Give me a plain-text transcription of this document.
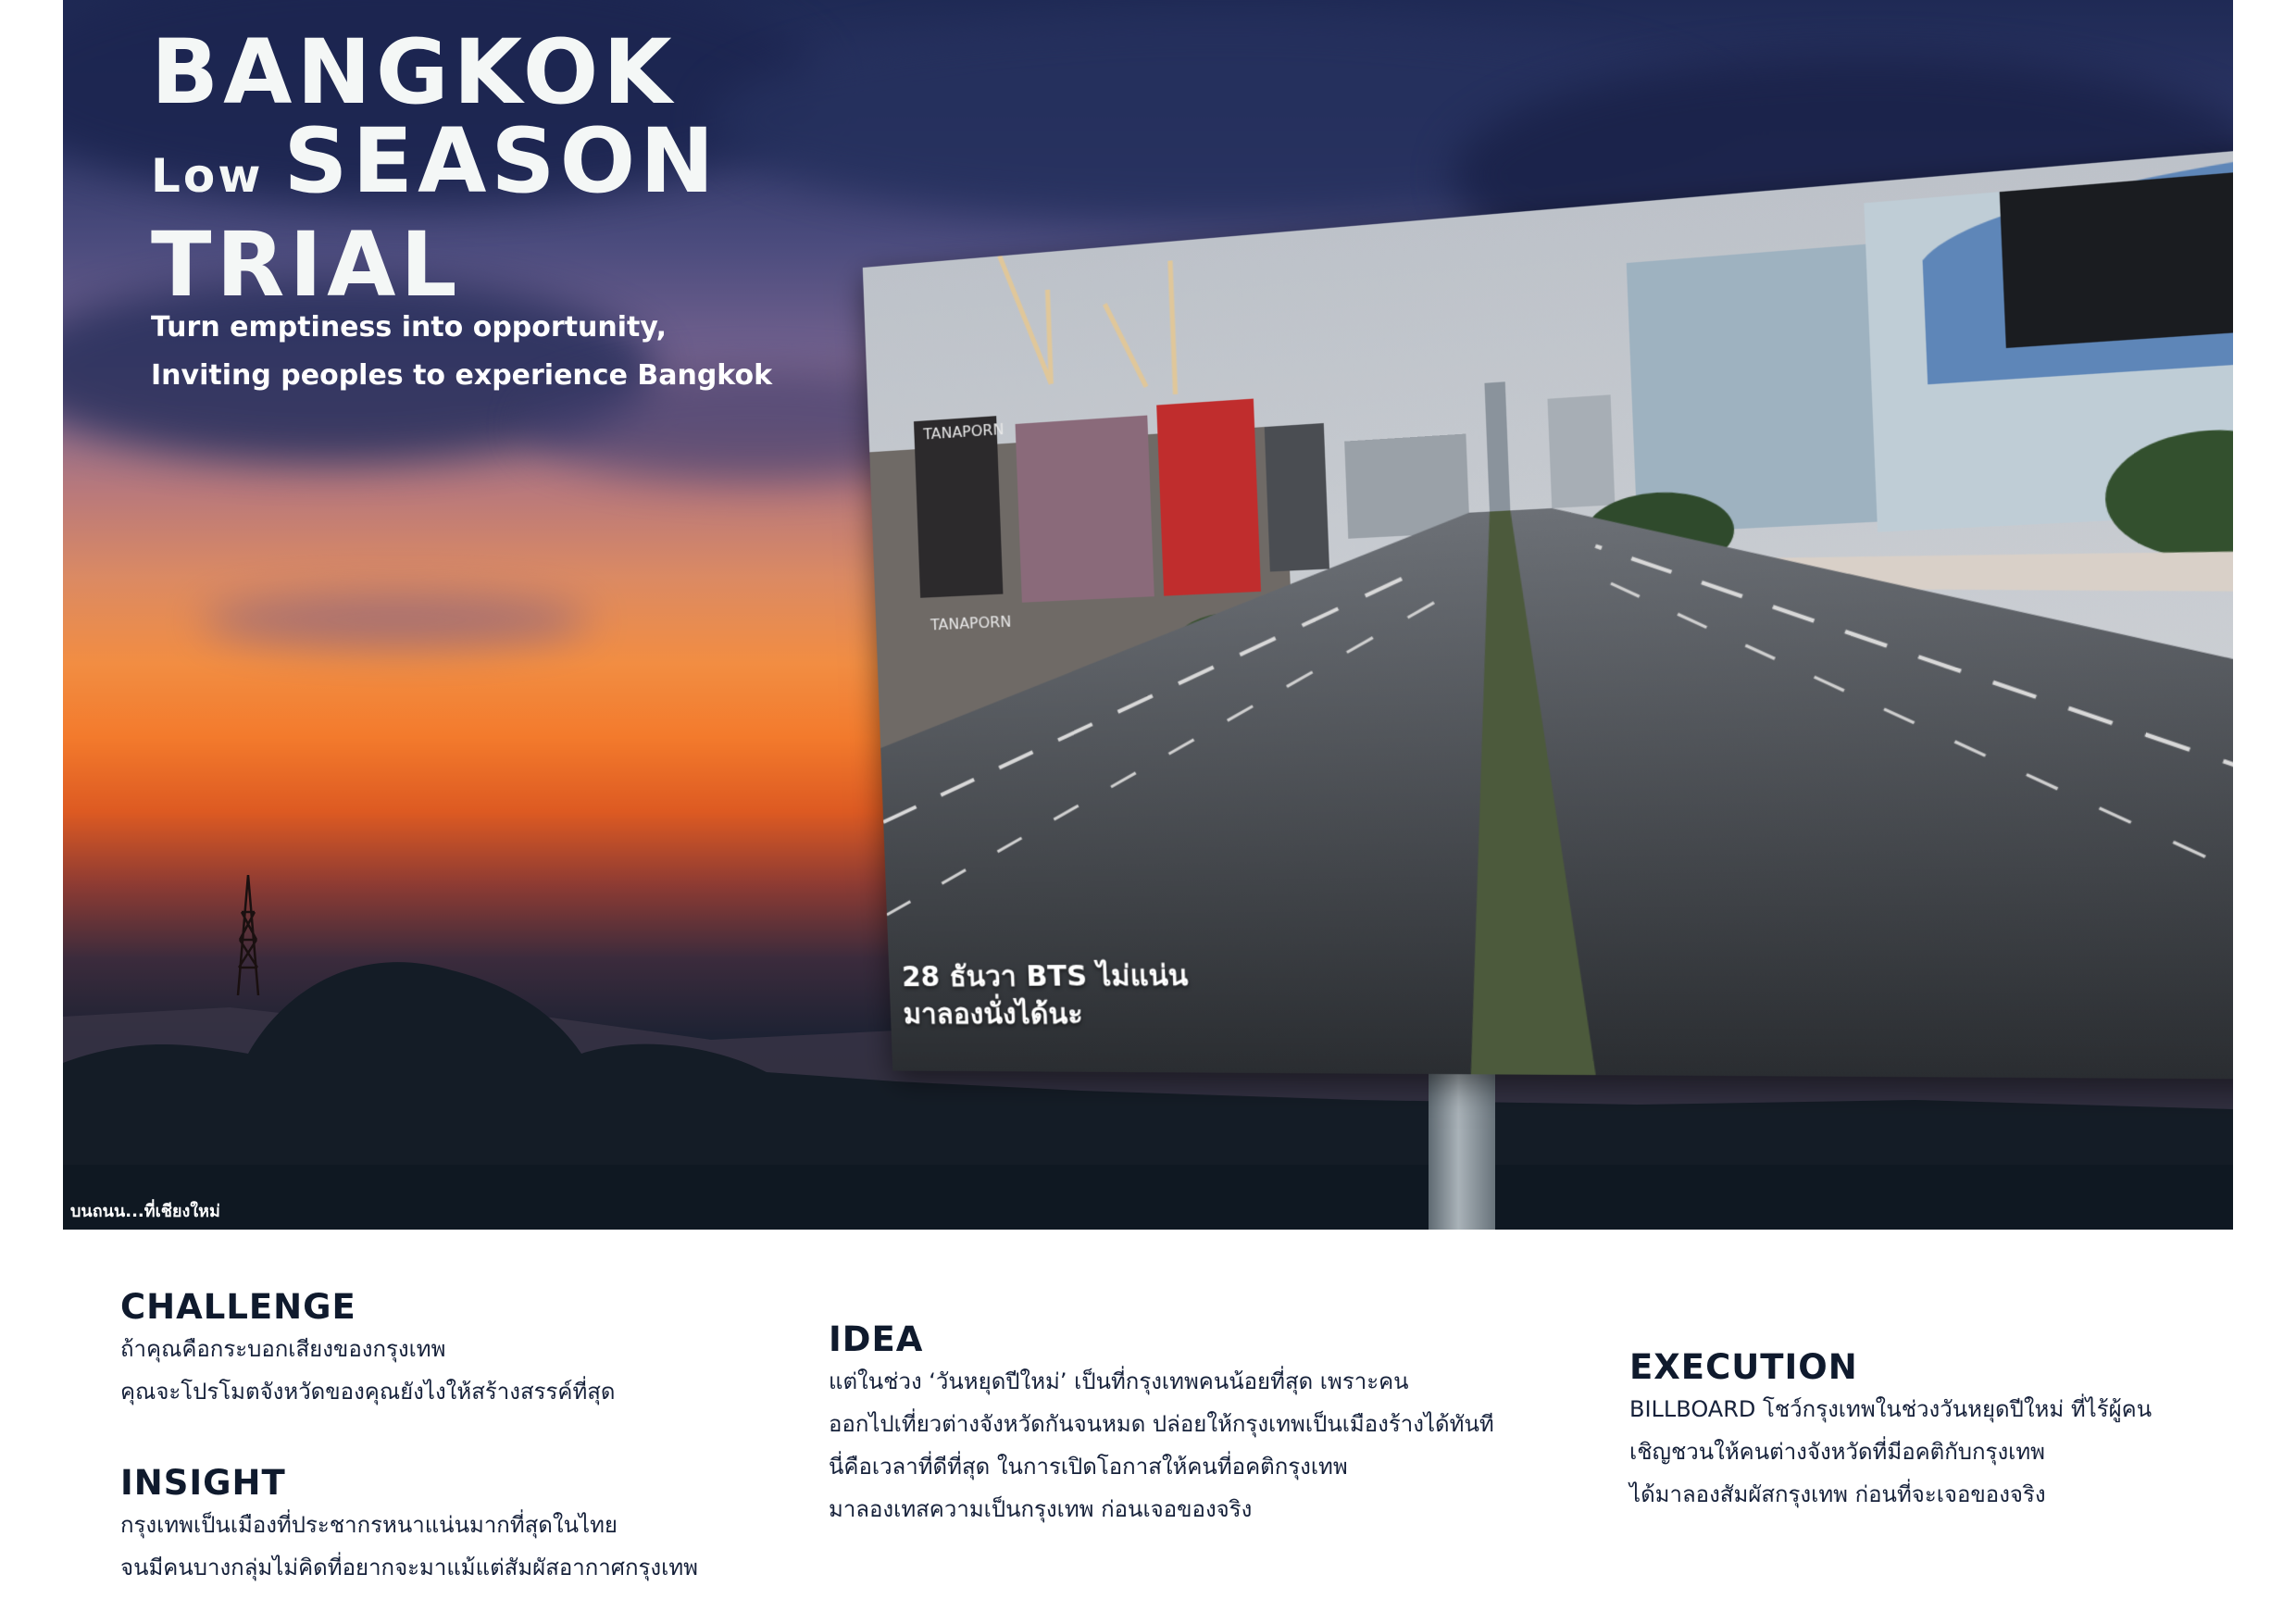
BANGKOK
Low SEASON
TRIAL
Turn emptiness into opportunity,
Inviting peoples to experience Bangkok
TANAPORN
TANAPORN
28 ธันวา BTS ไม่แน่น
มาลองนั่งได้นะ
บนถนน...ที่เชียงใหม่
CHALLENGE

ถ้าคุณคือกระบอกเสียงของกรุงเทพ

คุณจะโปรโมตจังหวัดของคุณยังไงให้สร้างสรรค์ที่สุด

INSIGHT

กรุงเทพเป็นเมืองที่ประชากรหนาแน่นมากที่สุดในไทย

จนมีคนบางกลุ่มไม่คิดที่อยากจะมาแม้แต่สัมผัสอากาศกรุงเทพ

IDEA

แต่ในช่วง ‘วันหยุดปีใหม่’ เป็นที่กรุงเทพคนน้อยที่สุด เพราะคน

ออกไปเที่ยวต่างจังหวัดกันจนหมด ปล่อยให้กรุงเทพเป็นเมืองร้างได้ทันที

นี่คือเวลาที่ดีที่สุด ในการเปิดโอกาสให้คนที่อคติกรุงเทพ

มาลองเทสความเป็นกรุงเทพ ก่อนเจอของจริง

EXECUTION

BILLBOARD โชว์กรุงเทพในช่วงวันหยุดปีใหม่ ที่ไร้ผู้คน

เชิญชวนให้คนต่างจังหวัดที่มีอคติกับกรุงเทพ

ได้มาลองสัมผัสกรุงเทพ ก่อนที่จะเจอของจริง
